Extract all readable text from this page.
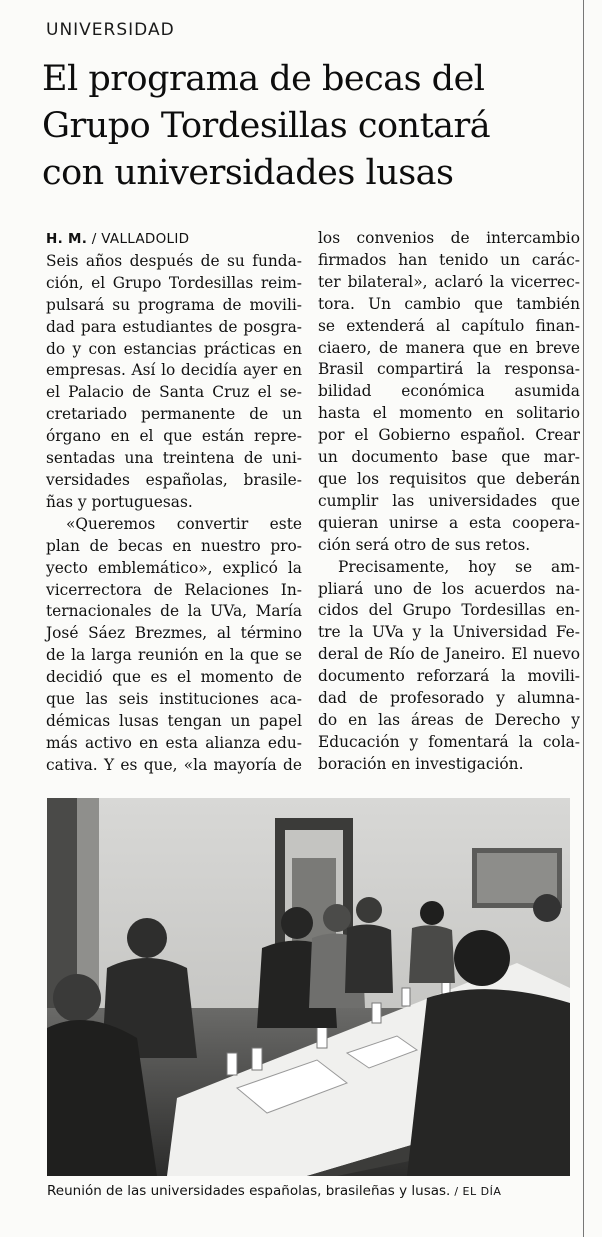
UNIVERSIDAD
El programa de becas del
Grupo Tordesillas contará
con universidades lusas
H. M. / VALLADOLID
Seis años después de su funda-
ción, el Grupo Tordesillas reim-
pulsará su programa de movili-
dad para estudiantes de posgra-
do y con estancias prácticas en
empresas. Así lo decidía ayer en
el Palacio de Santa Cruz el se-
cretariado permanente de un
órgano en el que están repre-
sentadas una treintena de uni-
versidades españolas, brasile-
ñas y portuguesas.
«Queremos convertir este
plan de becas en nuestro pro-
yecto emblemático», explicó la
vicerrectora de Relaciones In-
ternacionales de la UVa, María
José Sáez Brezmes, al término
de la larga reunión en la que se
decidió que es el momento de
que las seis instituciones aca-
démicas lusas tengan un papel
más activo en esta alianza edu-
cativa. Y es que, «la mayoría de
los convenios de intercambio
firmados han tenido un carác-
ter bilateral», aclaró la vicerrec-
tora. Un cambio que también
se extenderá al capítulo finan-
ciaero, de manera que en breve
Brasil compartirá la responsa-
bilidad económica asumida
hasta el momento en solitario
por el Gobierno español. Crear
un documento base que mar-
que los requisitos que deberán
cumplir las universidades que
quieran unirse a esta coopera-
ción será otro de sus retos.
Precisamente, hoy se am-
pliará uno de los acuerdos na-
cidos del Grupo Tordesillas en-
tre la UVa y la Universidad Fe-
deral de Río de Janeiro. El nuevo
documento reforzará la movili-
dad de profesorado y alumna-
do en las áreas de Derecho y
Educación y fomentará la cola-
boración en investigación.
Reunión de las universidades españolas, brasileñas y lusas. / EL DÍA
